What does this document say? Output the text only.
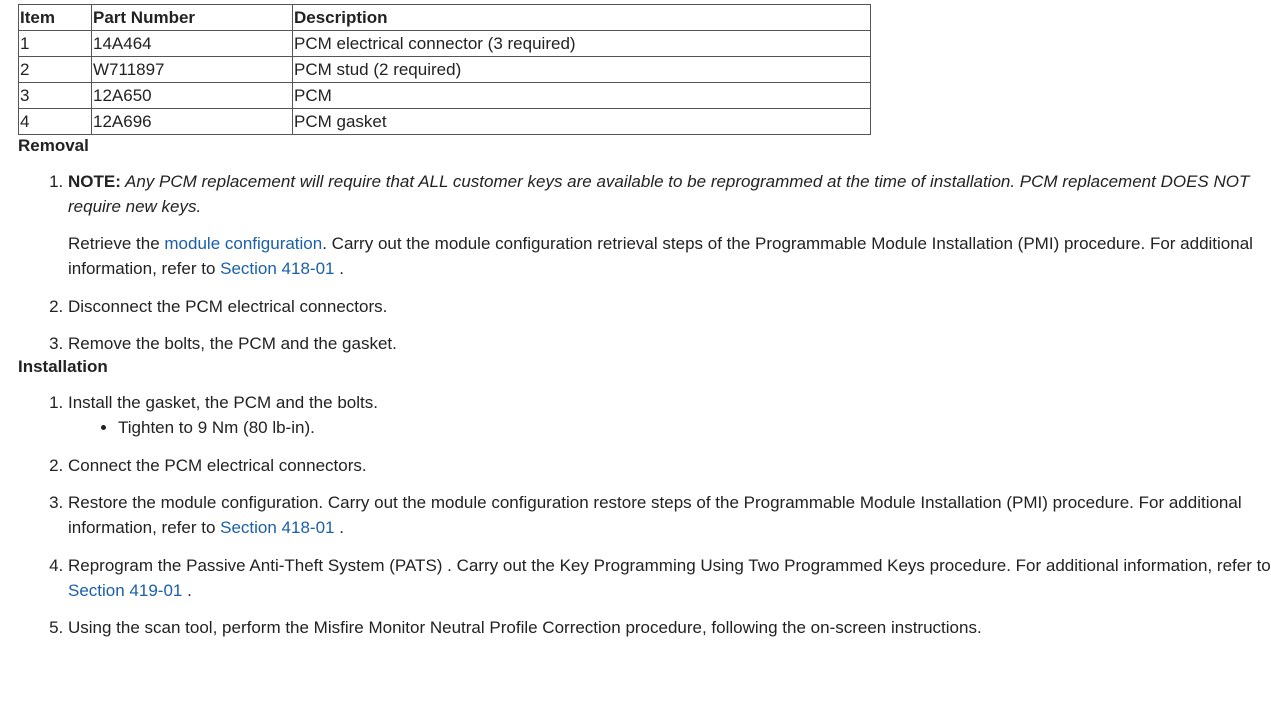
Item	Part Number	Description
1	14A464	PCM electrical connector (3 required)
2	W711897	PCM stud (2 required)
3	12A650	PCM
4	12A696	PCM gasket
Removal
1. NOTE: Any PCM replacement will require that ALL customer keys are available to be reprogrammed at the time of installation. PCM replacement DOES NOT require new keys.
Retrieve the module configuration. Carry out the module configuration retrieval steps of the Programmable Module Installation (PMI) procedure. For additional information, refer to Section 418-01 .
2. Disconnect the PCM electrical connectors.
3. Remove the bolts, the PCM and the gasket.
Installation
1. Install the gasket, the PCM and the bolts.
• Tighten to 9 Nm (80 lb-in).
2. Connect the PCM electrical connectors.
3. Restore the module configuration. Carry out the module configuration restore steps of the Programmable Module Installation (PMI) procedure. For additional information, refer to Section 418-01 .
4. Reprogram the Passive Anti-Theft System (PATS) . Carry out the Key Programming Using Two Programmed Keys procedure. For additional information, refer to Section 419-01 .
5. Using the scan tool, perform the Misfire Monitor Neutral Profile Correction procedure, following the on-screen instructions.
